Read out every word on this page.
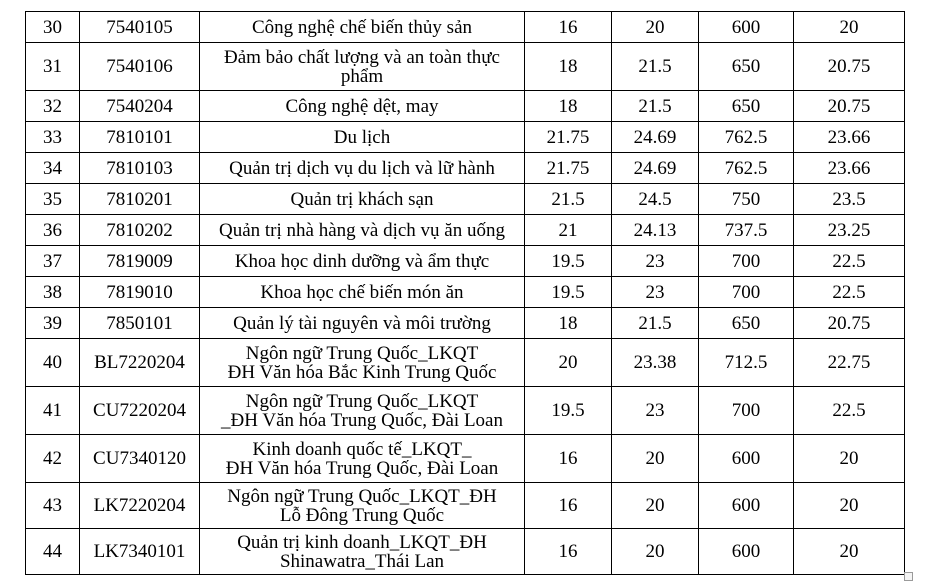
30	7540105	Công nghệ chế biến thủy sản	16	20	600	20
31	7540106	Đảm bảo chất lượng và an toàn thực
phẩm	18	21.5	650	20.75
32	7540204	Công nghệ dệt, may	18	21.5	650	20.75
33	7810101	Du lịch	21.75	24.69	762.5	23.66
34	7810103	Quản trị dịch vụ du lịch và lữ hành	21.75	24.69	762.5	23.66
35	7810201	Quản trị khách sạn	21.5	24.5	750	23.5
36	7810202	Quản trị nhà hàng và dịch vụ ăn uống	21	24.13	737.5	23.25
37	7819009	Khoa học dinh dưỡng và ẩm thực	19.5	23	700	22.5
38	7819010	Khoa học chế biến món ăn	19.5	23	700	22.5
39	7850101	Quản lý tài nguyên và môi trường	18	21.5	650	20.75
40	BL7220204	Ngôn ngữ Trung Quốc_LKQT
ĐH Văn hóa Bắc Kinh Trung Quốc	20	23.38	712.5	22.75
41	CU7220204	Ngôn ngữ Trung Quốc_LKQT
_ĐH Văn hóa Trung Quốc, Đài Loan	19.5	23	700	22.5
42	CU7340120	Kinh doanh quốc tế_LKQT_
ĐH Văn hóa Trung Quốc, Đài Loan	16	20	600	20
43	LK7220204	Ngôn ngữ Trung Quốc_LKQT_ĐH
Lỗ Đông Trung Quốc	16	20	600	20
44	LK7340101	Quản trị kinh doanh_LKQT_ĐH
Shinawatra_Thái Lan	16	20	600	20
